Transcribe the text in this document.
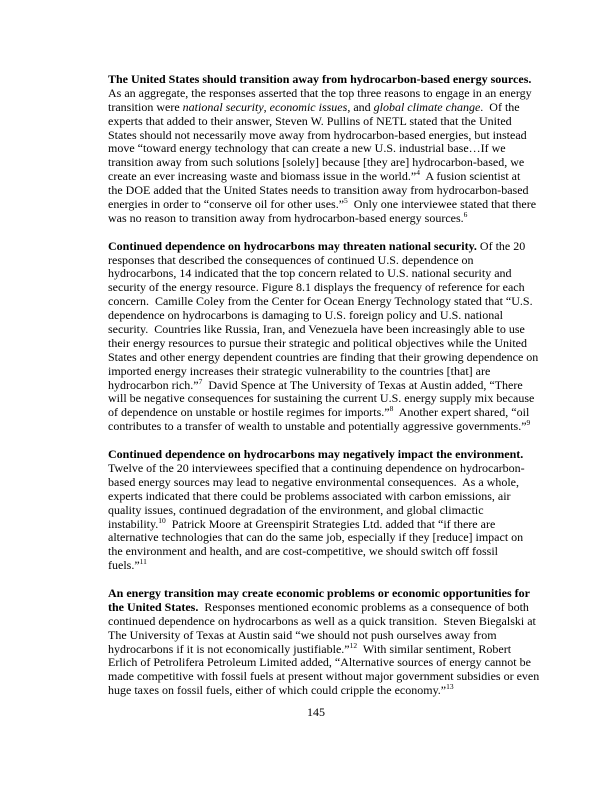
The United States should transition away from hydrocarbon-based energy sources.
As an aggregate, the responses asserted that the top three reasons to engage in an energy
transition were national security, economic issues, and global climate change.  Of the
experts that added to their answer, Steven W. Pullins of NETL stated that the United
States should not necessarily move away from hydrocarbon-based energies, but instead
move “toward energy technology that can create a new U.S. industrial base…If we
transition away from such solutions [solely] because [they are] hydrocarbon-based, we
create an ever increasing waste and biomass issue in the world.”$^4$  A fusion scientist at
the DOE added that the United States needs to transition away from hydrocarbon-based
energies in order to “conserve oil for other uses.”$^5$  Only one interviewee stated that there
was no reason to transition away from hydrocarbon-based energy sources.$^6$
Continued dependence on hydrocarbons may threaten national security. Of the 20
responses that described the consequences of continued U.S. dependence on
hydrocarbons, 14 indicated that the top concern related to U.S. national security and
security of the energy resource. Figure 8.1 displays the frequency of reference for each
concern.  Camille Coley from the Center for Ocean Energy Technology stated that “U.S.
dependence on hydrocarbons is damaging to U.S. foreign policy and U.S. national
security.  Countries like Russia, Iran, and Venezuela have been increasingly able to use
their energy resources to pursue their strategic and political objectives while the United
States and other energy dependent countries are finding that their growing dependence on
imported energy increases their strategic vulnerability to the countries [that] are
hydrocarbon rich.”$^7$  David Spence at The University of Texas at Austin added, “There
will be negative consequences for sustaining the current U.S. energy supply mix because
of dependence on unstable or hostile regimes for imports.”$^8$  Another expert shared, “oil
contributes to a transfer of wealth to unstable and potentially aggressive governments.”$^9$
Continued dependence on hydrocarbons may negatively impact the environment.
Twelve of the 20 interviewees specified that a continuing dependence on hydrocarbon-
based energy sources may lead to negative environmental consequences.  As a whole,
experts indicated that there could be problems associated with carbon emissions, air
quality issues, continued degradation of the environment, and global climactic
instability.$^{10}$  Patrick Moore at Greenspirit Strategies Ltd. added that “if there are
alternative technologies that can do the same job, especially if they [reduce] impact on
the environment and health, and are cost-competitive, we should switch off fossil
fuels.”$^{11}$
An energy transition may create economic problems or economic opportunities for
the United States.  Responses mentioned economic problems as a consequence of both
continued dependence on hydrocarbons as well as a quick transition.  Steven Biegalski at
The University of Texas at Austin said “we should not push ourselves away from
hydrocarbons if it is not economically justifiable.”$^{12}$  With similar sentiment, Robert
Erlich of Petrolifera Petroleum Limited added, “Alternative sources of energy cannot be
made competitive with fossil fuels at present without major government subsidies or even
huge taxes on fossil fuels, either of which could cripple the economy.”$^{13}$
145
